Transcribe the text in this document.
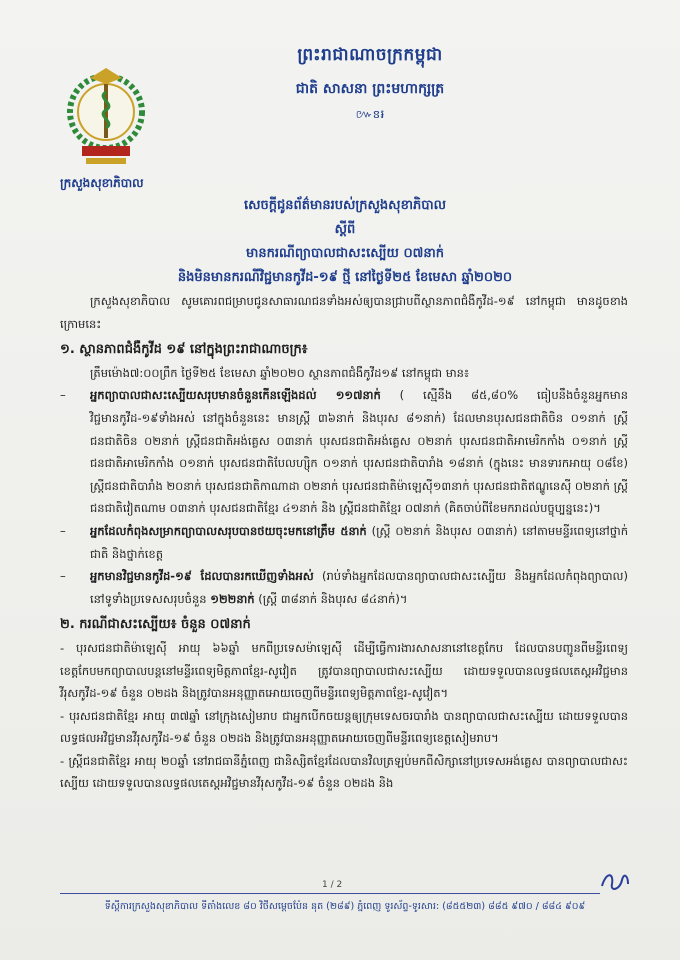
ក្រសួងសុខាភិបាល
ព្រះរាជាណាចក្រកម្ពុជា
ជាតិ សាសនា ព្រះមហាក្សត្រ
៚ៜ៛
សេចក្តីជូនព័ត៌មានរបស់ក្រសួងសុខាភិបាល
ស្តីពី
មានករណីព្យាបាលជាសះស្បើយ ០៧នាក់
និងមិនមានករណីវិជ្ជមានកូវីដ-១៩ ថ្មី នៅថ្ងៃទី២៥ ខែមេសា ឆ្នាំ២០២០

ក្រសួងសុខាភិបាល សូមគោរពជម្រាបជូនសាធារណជនទាំងអស់ឲ្យបានជ្រាបពីស្ថានភាពជំងឺកូវីដ-១៩ នៅកម្ពុជា មានដូចខាងក្រោមនេះ

១. ស្ថានភាពជំងឺកូវីដ ១៩ នៅក្នុងព្រះរាជាណាចក្រ៖

ត្រឹមម៉ោង៧:០០ព្រឹក ថ្ងៃទី២៥ ខែមេសា ឆ្នាំ២០២០ ស្ថានភាពជំងឺកូវីដ១៩ នៅកម្ពុជា មាន៖

–	អ្នកព្យាបាលជាសះស្បើយសរុបមានចំនួនកើនឡើងដល់ ១១៧នាក់ ( ស្មើនឹង ៨៥,៨០% ធៀបនឹងចំនួនអ្នកមានវិជ្ជមានកូវីដ-១៩ទាំងអស់ នៅក្នុងចំនួននេះ មានស្ត្រី ៣៦នាក់ និងបុរស ៨១នាក់) ដែលមានបុរសជនជាតិចិន ០១នាក់ ស្ត្រីជនជាតិចិន ០២នាក់ ស្ត្រីជនជាតិអង់គ្លេស ០៣នាក់ បុរសជនជាតិអង់គ្លេស ០២នាក់ បុរសជនជាតិអាមេរិកកាំង ០១នាក់ ស្ត្រីជនជាតិអាមេរិកកាំង ០១នាក់ បុរសជនជាតិបែលហ្ស៊ិក ០១នាក់ បុរសជនជាតិបារាំង ១៨នាក់ (ក្នុងនេះ មានទារកអាយុ ០៨ខែ) ស្ត្រីជនជាតិបារាំង ២០នាក់ បុរសជនជាតិកាណាដា ០២នាក់ បុរសជនជាតិម៉ាឡេស៊ី១៣នាក់ បុរសជនជាតិឥណ្ឌូនេស៊ី ០២នាក់ ស្ត្រីជនជាតិវៀតណាម ០៣នាក់ បុរសជនជាតិខ្មែរ ៤១នាក់ និង ស្ត្រីជនជាតិខ្មែរ ០៧នាក់ (គិតចាប់ពីខែមករាដល់បច្ចុប្បន្ននេះ)។
–	អ្នកដែលកំពុងសម្រាកព្យាបាលសរុបបានថយចុះមកនៅត្រឹម ៥នាក់ (ស្ត្រី ០២នាក់ និងបុរស ០៣នាក់) នៅតាមមន្ទីរពេទ្យនៅថ្នាក់ជាតិ និងថ្នាក់ខេត្ត
–	អ្នកមានវិជ្ជមានកូវីដ-១៩ ដែលបានរកឃើញទាំងអស់ (រាប់ទាំងអ្នកដែលបានព្យាបាលជាសះស្បើយ និងអ្នកដែលកំពុងព្យាបាល) នៅទូទាំងប្រទេសសរុបចំនួន ១២២នាក់ (ស្ត្រី ៣៨នាក់ និងបុរស ៨៤នាក់)។
២. ករណីជាសះស្បើយ៖ ចំនួន ០៧នាក់

- បុរសជនជាតិម៉ាឡេស៊ី អាយុ ៦៦ឆ្នាំ មកពីប្រទេសម៉ាឡេស៊ី ដើម្បីធ្វើការងារសាសនានៅខេត្តកែប ដែលបានបញ្ជូនពីមន្ទីរពេទ្យខេត្តកែបមកព្យាបាលបន្តនៅមន្ទីរពេទ្យមិត្តភាពខ្មែរ-សូវៀត ត្រូវបានព្យាបាលជាសះស្បើយ ដោយទទួលបានលទ្ធផលតេស្តអវិជ្ជមានវីរុសកូវីដ-១៩ ចំនួន ០២ដង និងត្រូវបានអនុញ្ញាតអោយចេញពីមន្ទីរពេទ្យមិត្តភាពខ្មែរ-សូវៀត។

- បុរសជនជាតិខ្មែរ អាយុ ៣៧ឆ្នាំ នៅក្រុងសៀមរាប ជាអ្នកបើកចយន្តឲ្យក្រុមទេសចរបារាំង បានព្យាបាលជាសះស្បើយ ដោយទទួលបានលទ្ធផលអវិជ្ជមានវីរុសកូវីដ-១៩ ចំនួន ០២ដង និងត្រូវបានអនុញ្ញាតអោយចេញពីមន្ទីរពេទ្យខេត្តសៀមរាប។

- ស្ត្រីជនជាតិខ្មែរ អាយុ ២០ឆ្នាំ នៅរាជធានីភ្នំពេញ ជានិស្សិតខ្មែរដែលបានវិលត្រឡប់មកពីសិក្សានៅប្រទេសអង់គ្លេស បានព្យាបាលជាសះស្បើយ ដោយទទួលបានលទ្ធផលតេស្តអវិជ្ជមានវីរុសកូវីដ-១៩ ចំនួន ០២ដង និង

1 / 2
ទីស្តីការក្រសួងសុខាភិបាល ទីតាំងលេខ ៨០ វិថីសម្តេចប៉ែន នុត (២៨៩) ភ្នំពេញ ទូរស័ព្ទ-ទូរសារ: (៨៥៥២៣) ៨៨៥ ៩៧០ / ៨៨៤ ៩០៩
